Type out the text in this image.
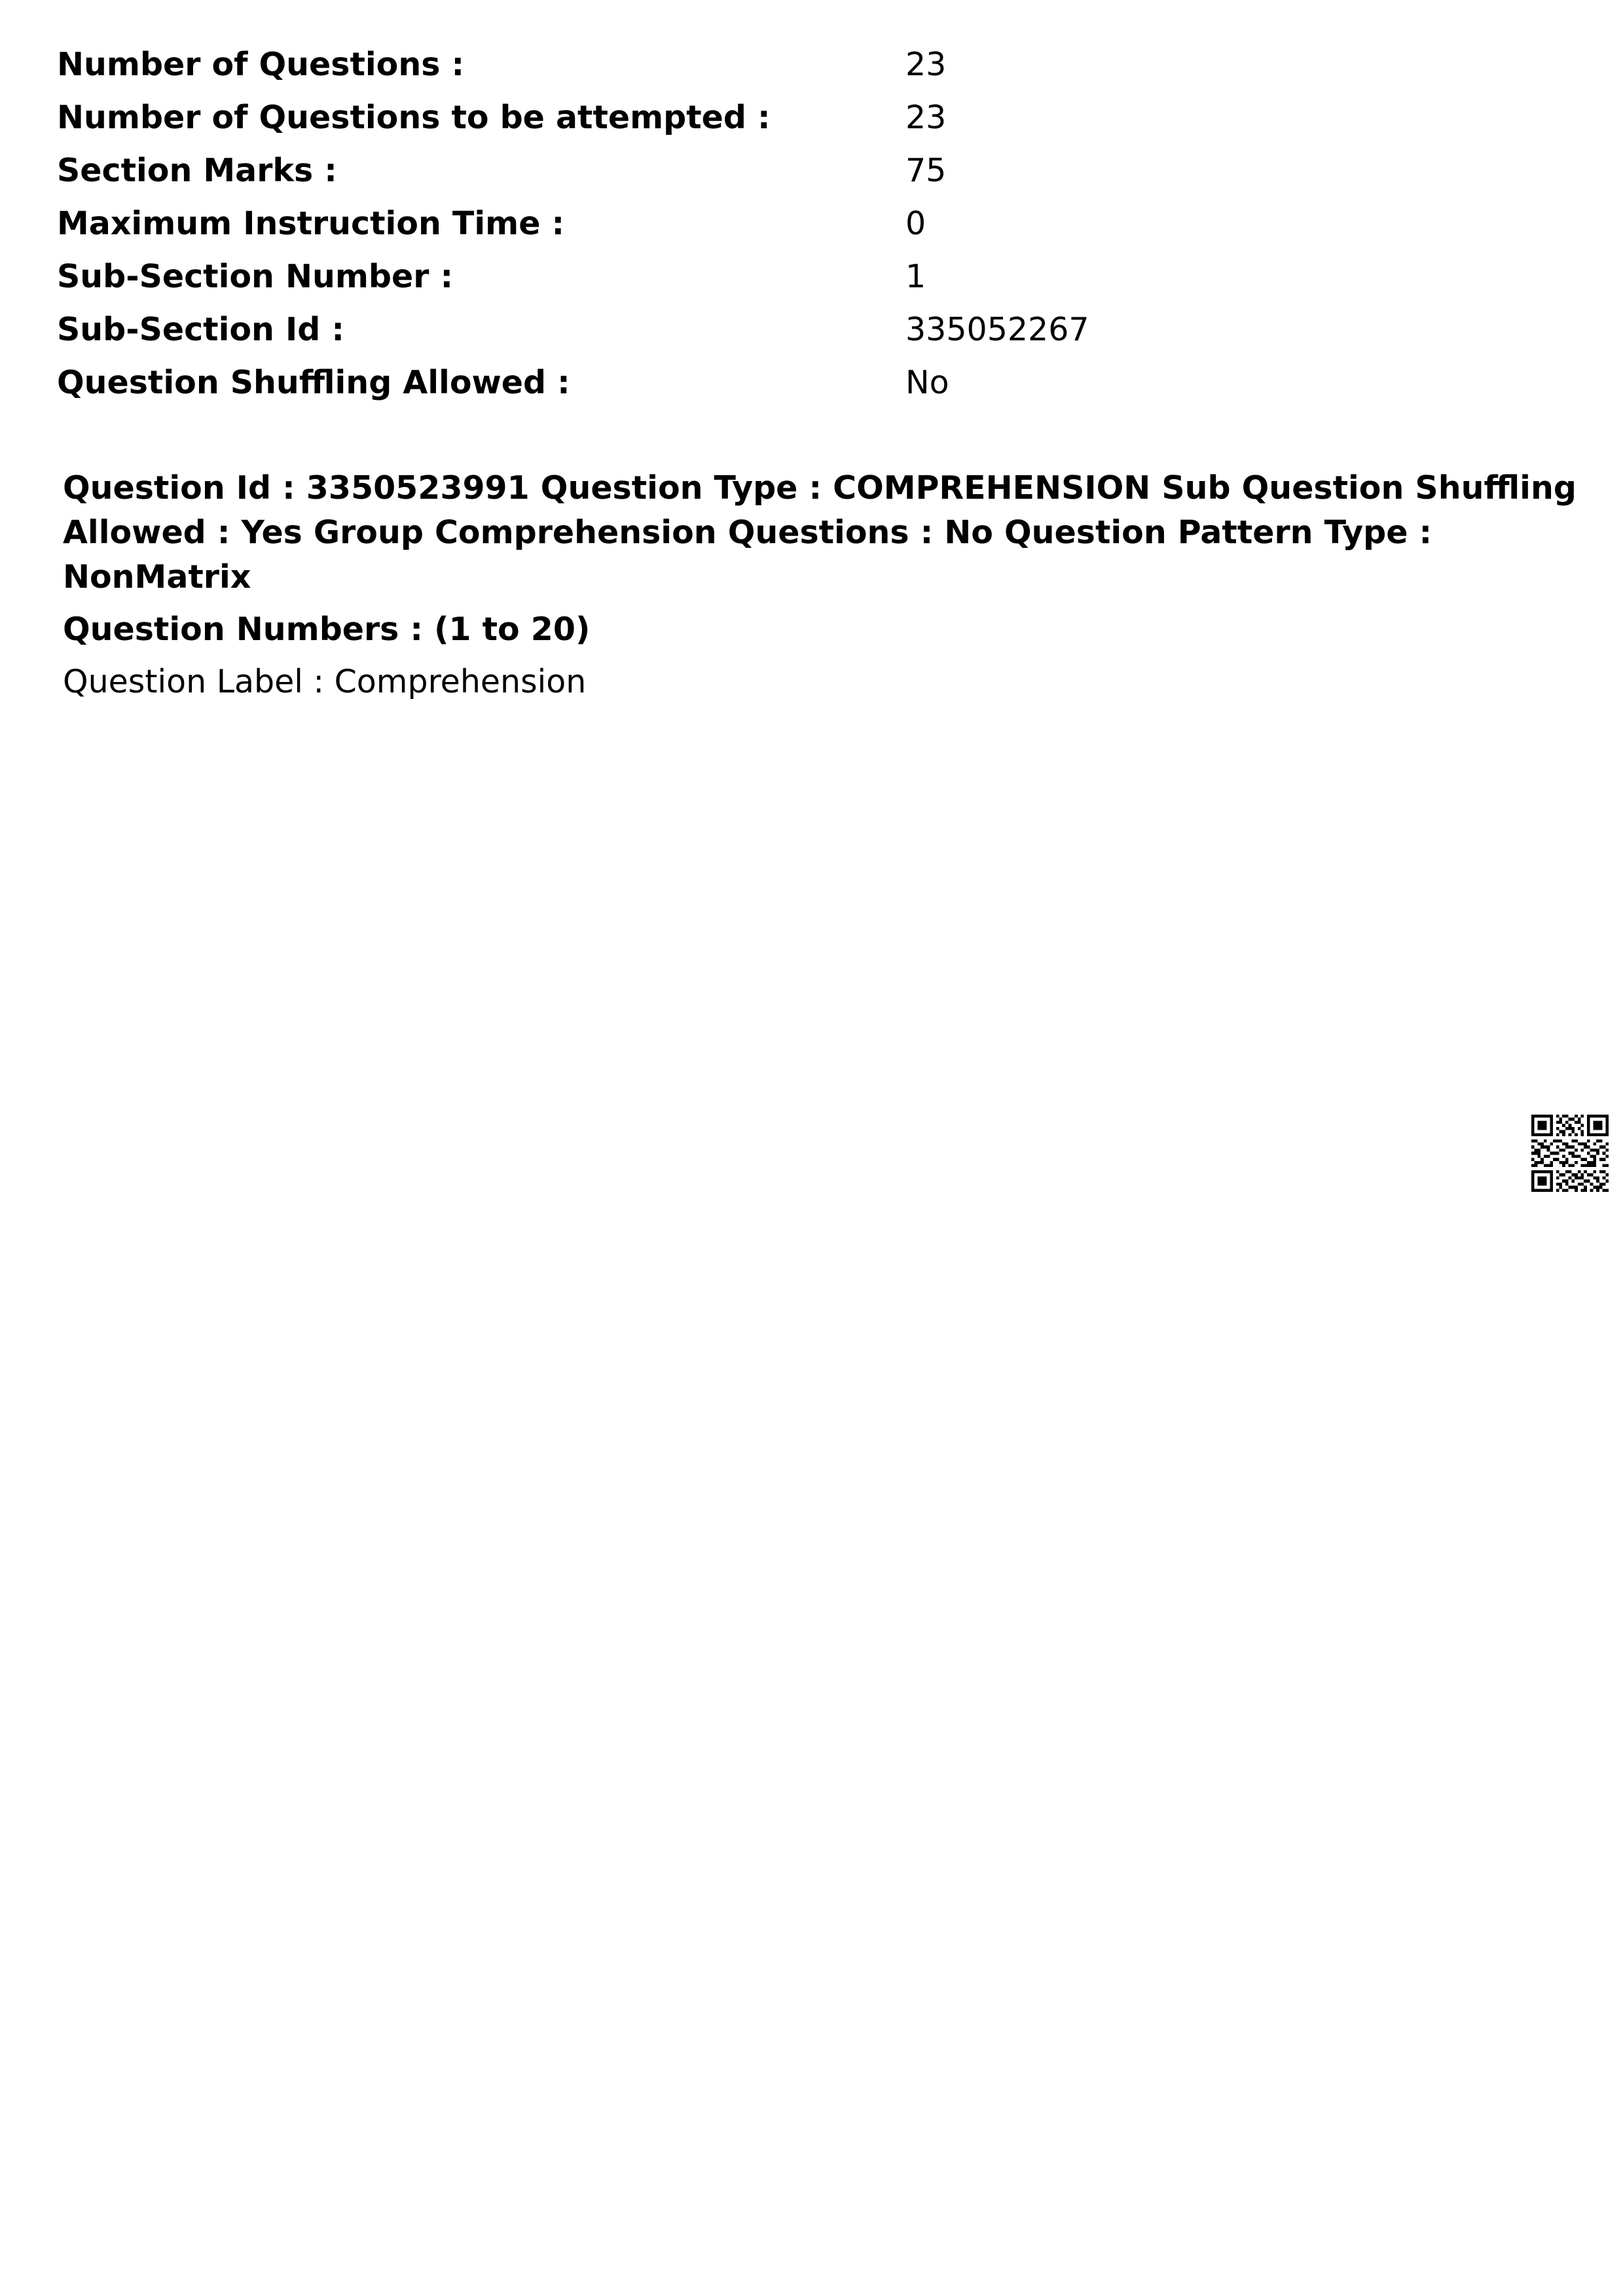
Number of Questions :	23
Number of Questions to be attempted :	23
Section Marks :	75
Maximum Instruction Time :	0
Sub-Section Number :	1
Sub-Section Id :	335052267
Question Shuffling Allowed :	No
Question Id : 3350523991 Question Type : COMPREHENSION Sub Question Shuffling Allowed : Yes Group Comprehension Questions : No Question Pattern Type : NonMatrix
Question Numbers : (1 to 20)
Question Label : Comprehension
